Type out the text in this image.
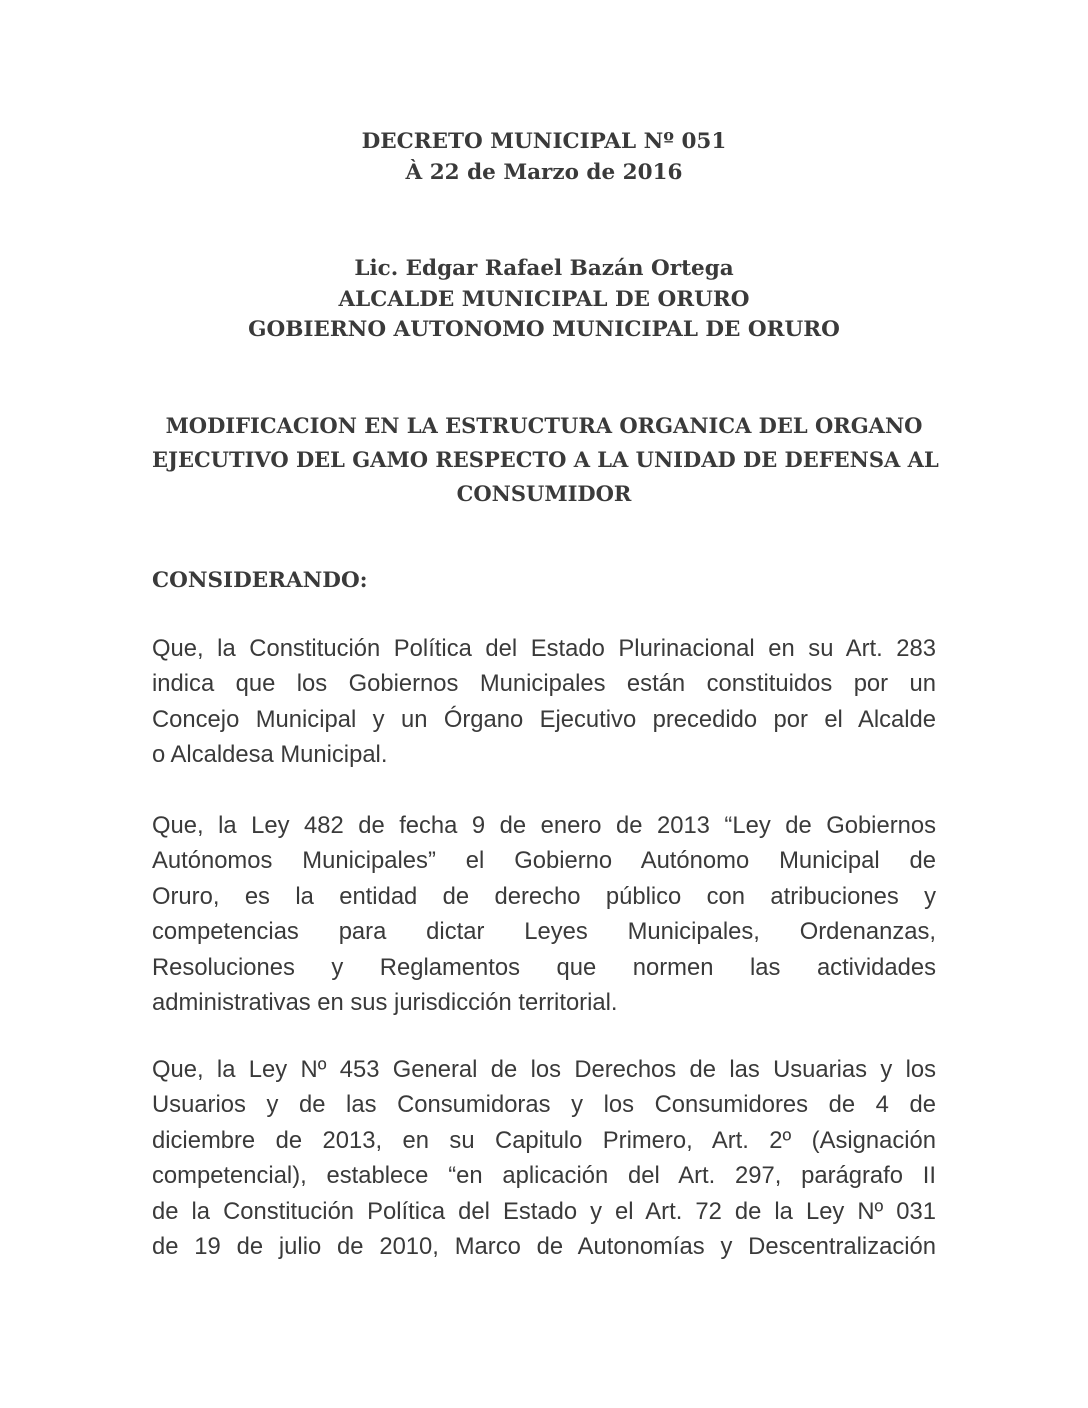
DECRETO MUNICIPAL Nº 051
À 22 de Marzo de 2016
Lic. Edgar Rafael Bazán Ortega
ALCALDE MUNICIPAL DE ORURO
GOBIERNO AUTONOMO MUNICIPAL DE ORURO
MODIFICACION EN LA ESTRUCTURA ORGANICA DEL ORGANO
EJECUTIVO DEL GAMO RESPECTO A LA UNIDAD DE DEFENSA AL
CONSUMIDOR
CONSIDERANDO:
Que, la Constitución Política del Estado Plurinacional en su Art. 283
indica que los Gobiernos Municipales están constituidos por un
Concejo Municipal y un Órgano Ejecutivo precedido por el Alcalde
o Alcaldesa Municipal.
Que, la Ley 482 de fecha 9 de enero de 2013 “Ley de Gobiernos
Autónomos Municipales” el Gobierno Autónomo Municipal de
Oruro, es la entidad de derecho público con atribuciones y
competencias para dictar Leyes Municipales, Ordenanzas,
Resoluciones y Reglamentos que normen las actividades
administrativas en sus jurisdicción territorial.
Que, la Ley Nº 453 General de los Derechos de las Usuarias y los
Usuarios y de las Consumidoras y los Consumidores de 4 de
diciembre de 2013, en su Capitulo Primero, Art. 2º (Asignación
competencial), establece “en aplicación del Art. 297, parágrafo II
de la Constitución Política del Estado y el Art. 72 de la Ley Nº 031
de 19 de julio de 2010, Marco de Autonomías y Descentralización
